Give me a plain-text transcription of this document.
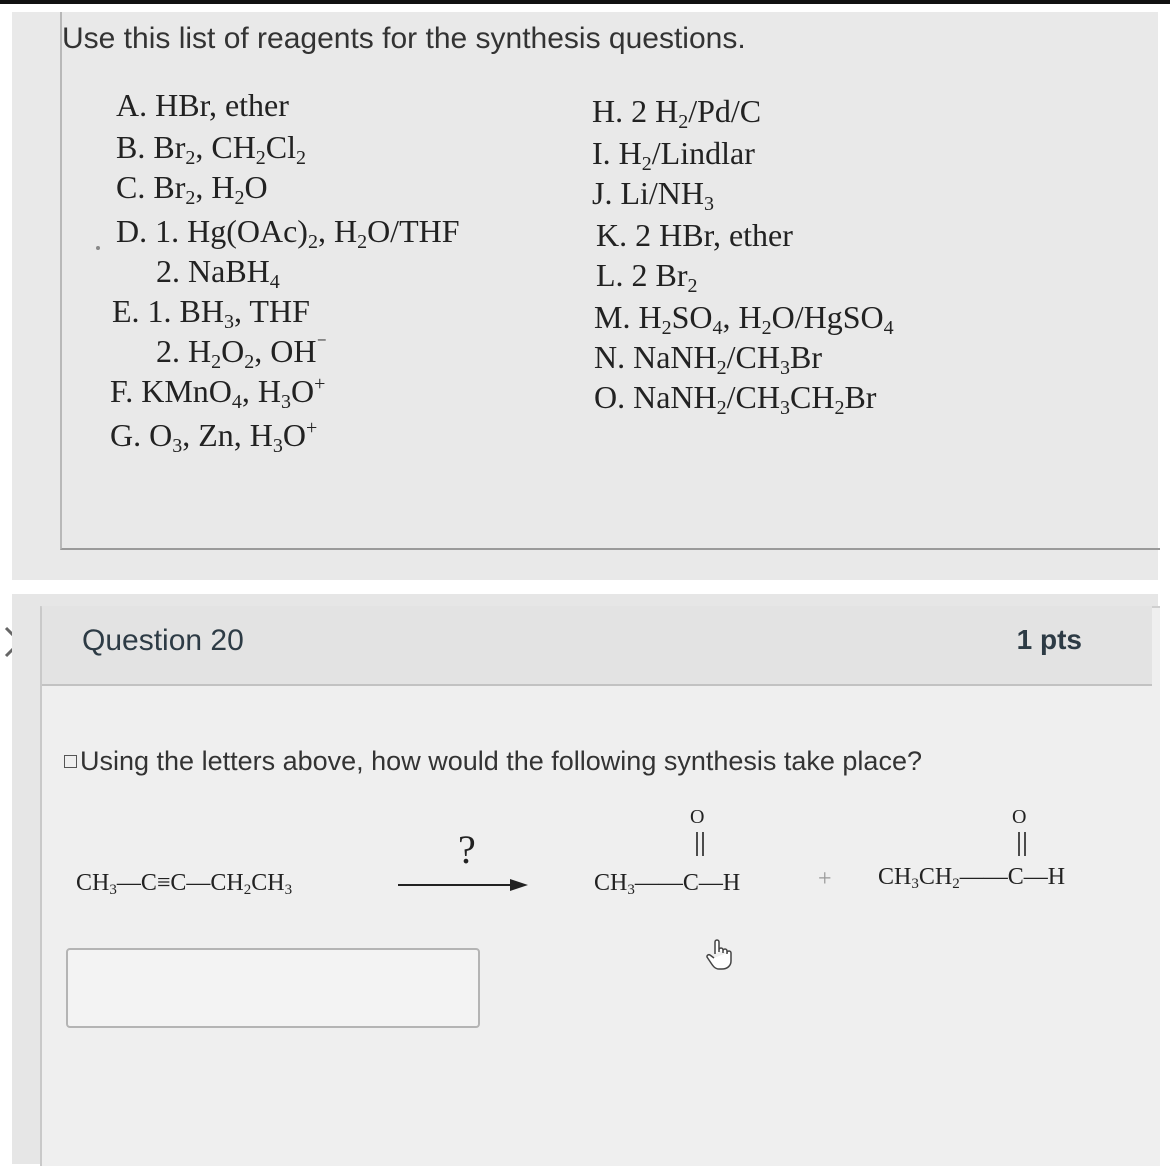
Use this list of reagents for the synthesis questions.
A. HBr, ether
B. $Br_2$, $CH_2Cl_2$
C. $Br_2$, $H_2O$
D. 1. $Hg(OAc)_2$, $H_2O$/THF
2. NaBH$_4$
E. 1. $BH_3$, THF
2. $H_2O_2$, OH⁻
F. KMnO$_4$, $H_3O^+$
G. $O_3$, Zn, $H_3O^+$
H. 2 $H_2/Pd/C$
I. $H_2$/Lindlar
J. $Li/NH_3$
K. 2 HBr, ether
L. 2 $Br_2$
M. $H_2SO_4$, $H_2O/HgSO_4$
N. $NaNH_2/CH_3Br$
O. $NaNH_2/CH_3CH_2Br$
Question 20	1 pts
Using the letters above, how would the following synthesis take place?
$CH_3—C\equiv C—CH_2CH_3$
?
O
$CH_3——C—H$	+
O
$CH_3CH_2——C—H$
